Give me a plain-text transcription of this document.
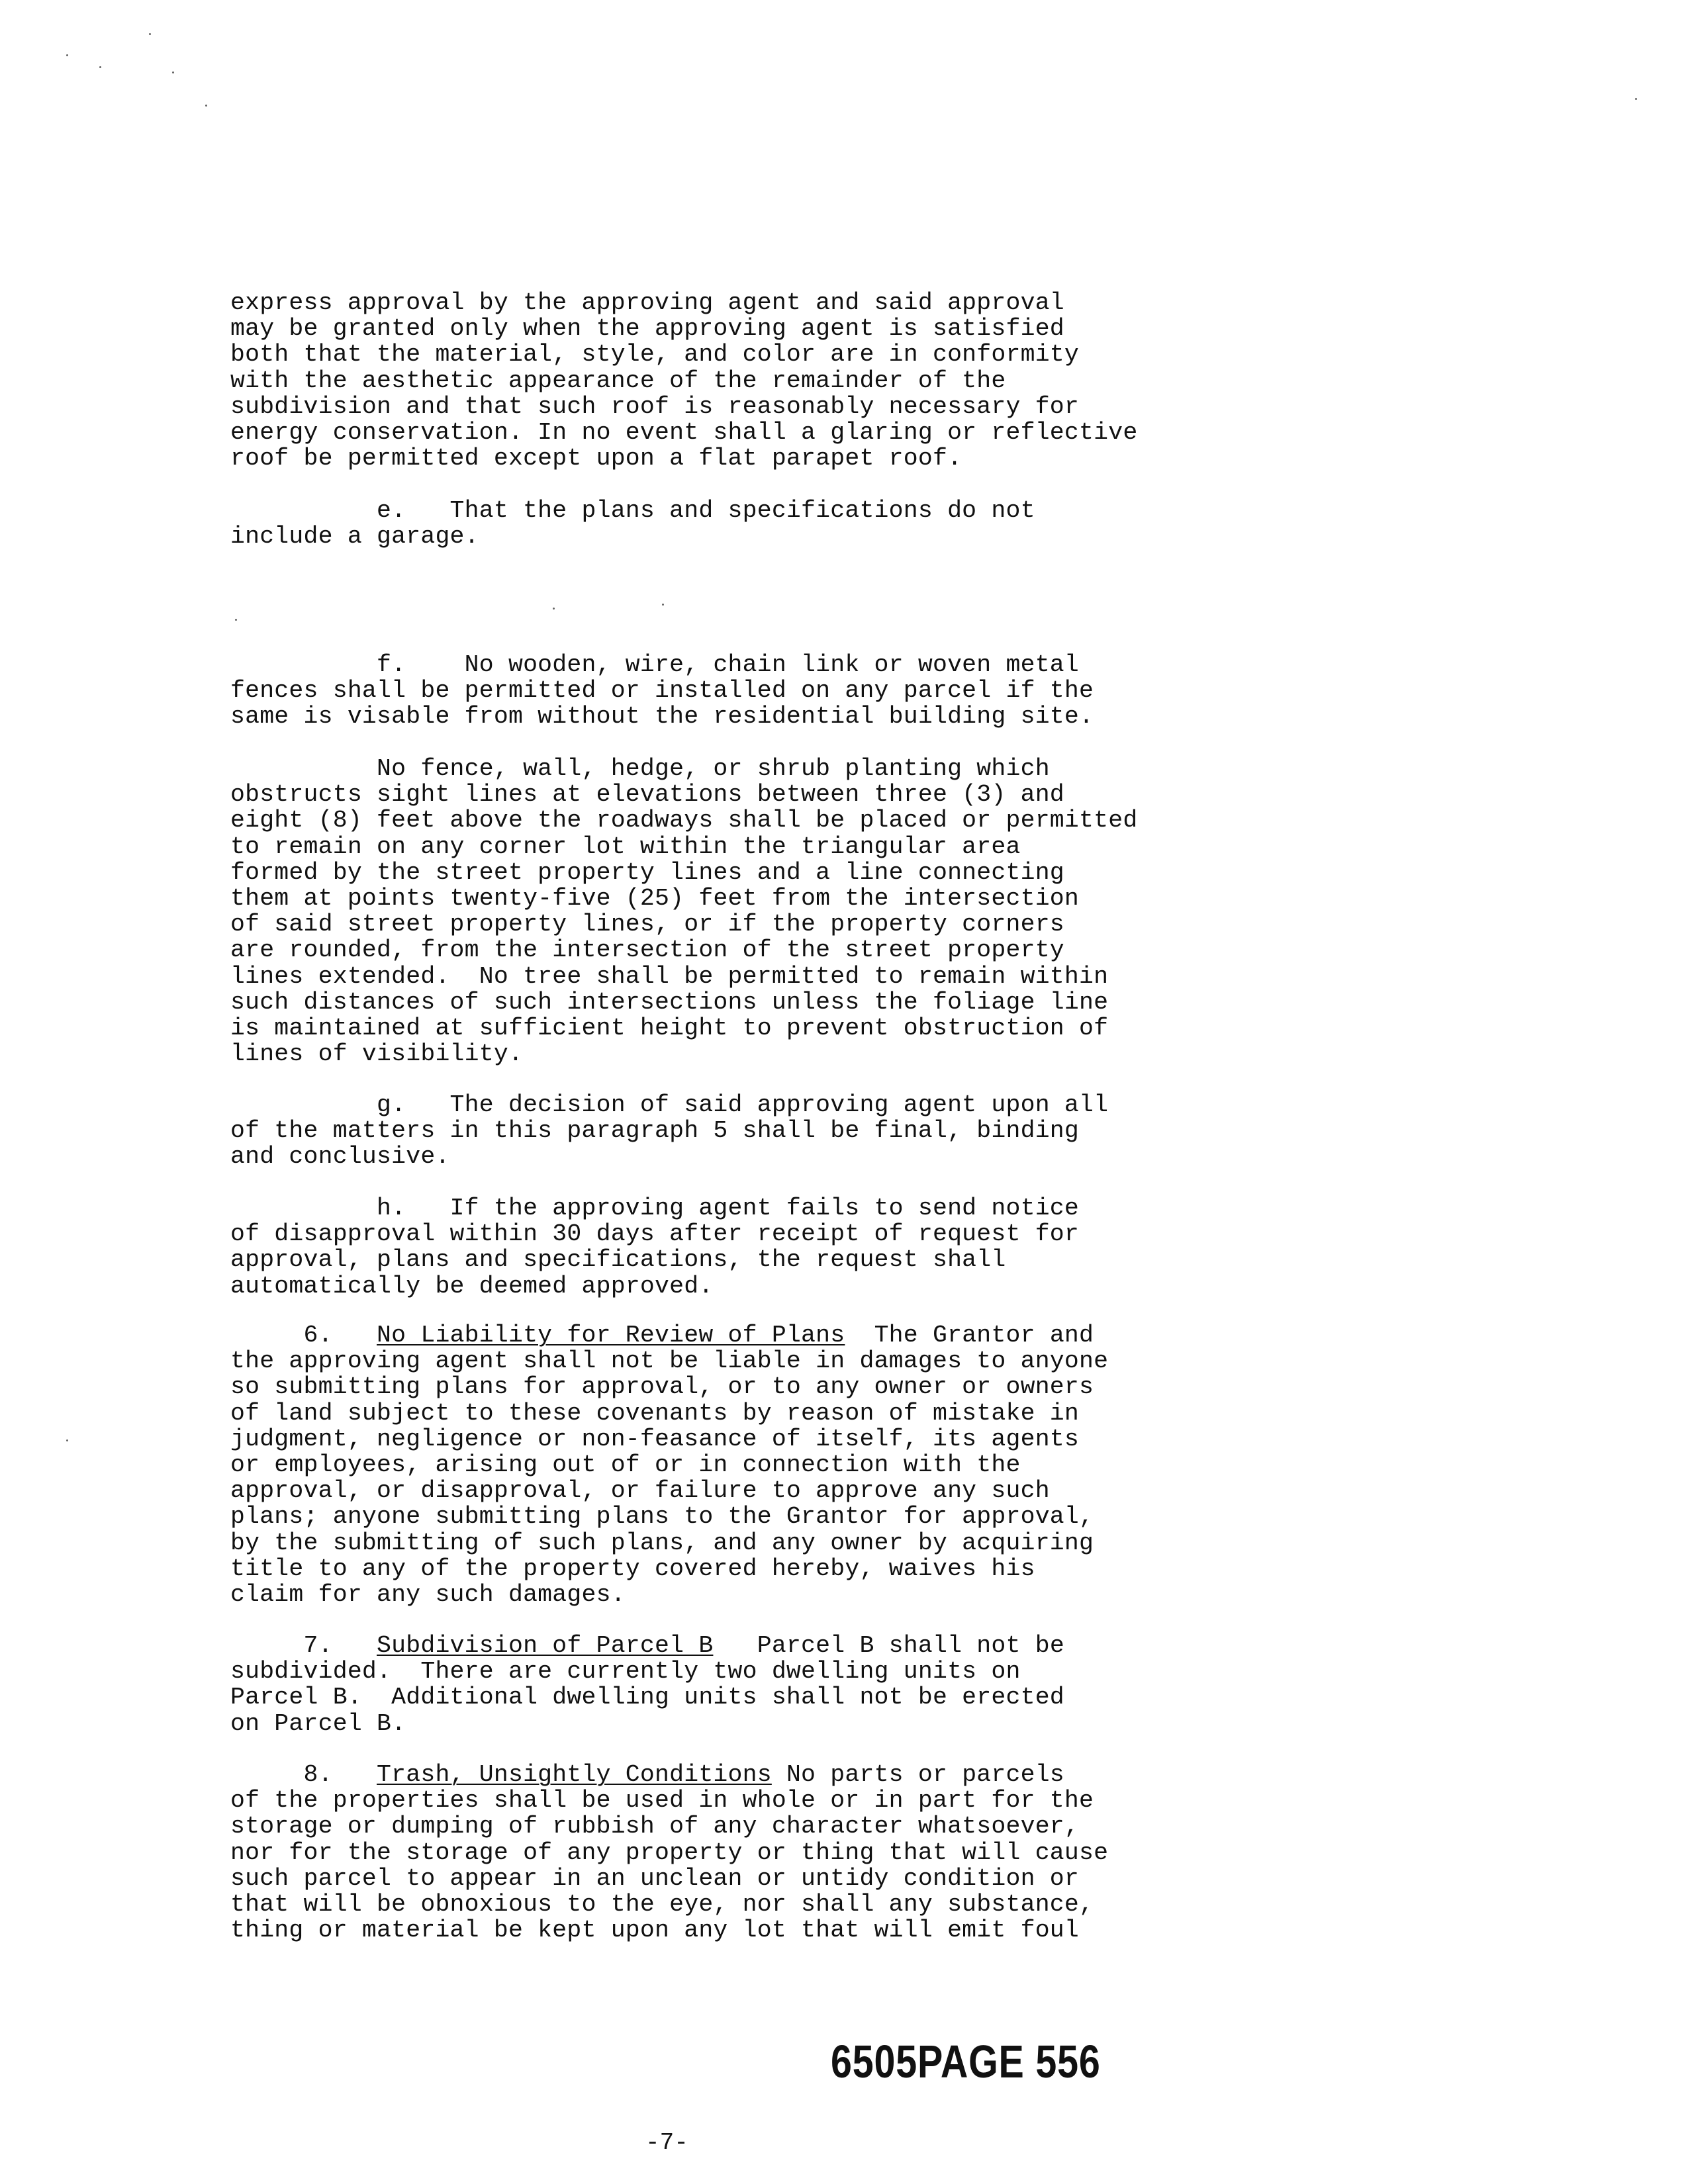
express approval by the approving agent and said approval
may be granted only when the approving agent is satisfied
both that the material, style, and color are in conformity
with the aesthetic appearance of the remainder of the
subdivision and that such roof is reasonably necessary for
energy conservation. In no event shall a glaring or reflective
roof be permitted except upon a flat parapet roof.

e.   That the plans and specifications do not
include a garage.

f.    No wooden, wire, chain link or woven metal
fences shall be permitted or installed on any parcel if the
same is visable from without the residential building site.

No fence, wall, hedge, or shrub planting which
obstructs sight lines at elevations between three (3) and
eight (8) feet above the roadways shall be placed or permitted
to remain on any corner lot within the triangular area
formed by the street property lines and a line connecting
them at points twenty-five (25) feet from the intersection
of said street property lines, or if the property corners
are rounded, from the intersection of the street property
lines extended.  No tree shall be permitted to remain within
such distances of such intersections unless the foliage line
is maintained at sufficient height to prevent obstruction of
lines of visibility.

g.   The decision of said approving agent upon all
of the matters in this paragraph 5 shall be final, binding
and conclusive.

h.   If the approving agent fails to send notice
of disapproval within 30 days after receipt of request for
approval, plans and specifications, the request shall
automatically be deemed approved.

6.   No Liability for Review of Plans  The Grantor and
the approving agent shall not be liable in damages to anyone
so submitting plans for approval, or to any owner or owners
of land subject to these covenants by reason of mistake in
judgment, negligence or non-feasance of itself, its agents
or employees, arising out of or in connection with the
approval, or disapproval, or failure to approve any such
plans; anyone submitting plans to the Grantor for approval,
by the submitting of such plans, and any owner by acquiring
title to any of the property covered hereby, waives his
claim for any such damages.

7.   Subdivision of Parcel B   Parcel B shall not be
subdivided.  There are currently two dwelling units on
Parcel B.  Additional dwelling units shall not be erected
on Parcel B.

8.   Trash, Unsightly Conditions No parts or parcels
of the properties shall be used in whole or in part for the
storage or dumping of rubbish of any character whatsoever,
nor for the storage of any property or thing that will cause
such parcel to appear in an unclean or untidy condition or
that will be obnoxious to the eye, nor shall any substance,
thing or material be kept upon any lot that will emit foul

6505PAGE 556
-7-
